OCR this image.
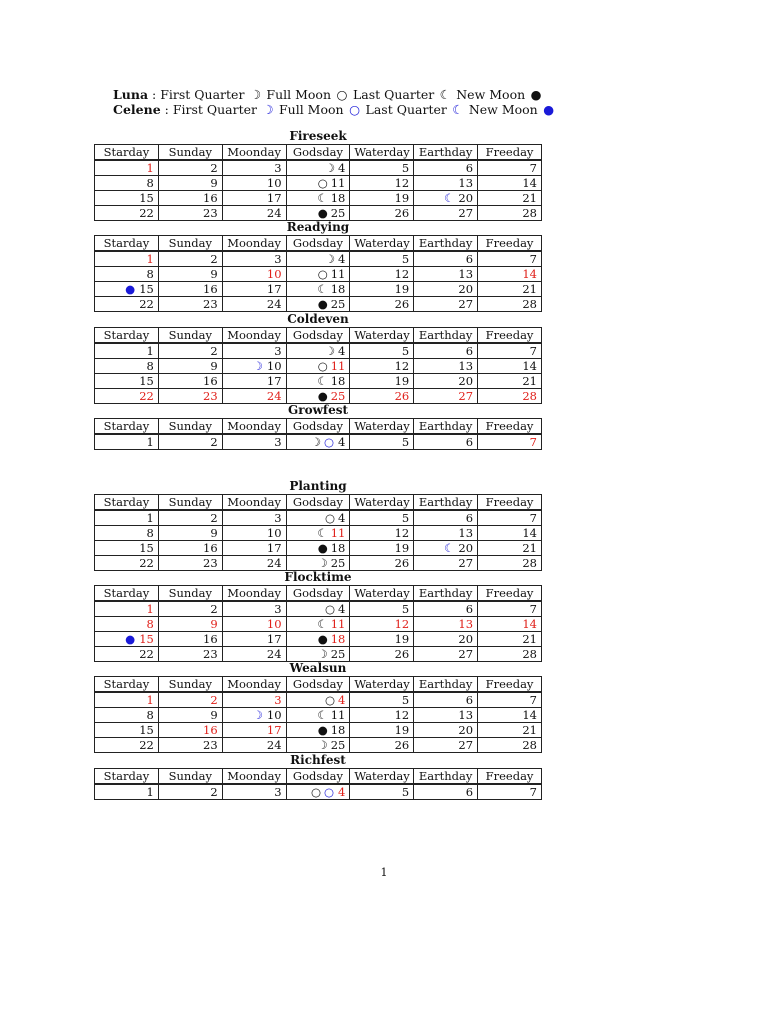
Luna : First Quarter ☽ Full Moon ○ Last Quarter ☾ New Moon ●
Celene : First Quarter ☽ Full Moon ○ Last Quarter ☾ New Moon ●
Fireseek
Starday	Sunday	Moonday	Godsday	Waterday	Earthday	Freeday
1	2	3	☽ 4	5	6	7
8	9	10	○ 11	12	13	14
15	16	17	☾ 18	19	☾ 20	21
22	23	24	● 25	26	27	28
Readying
Starday	Sunday	Moonday	Godsday	Waterday	Earthday	Freeday
1	2	3	☽ 4	5	6	7
8	9	10	○ 11	12	13	14
● 15	16	17	☾ 18	19	20	21
22	23	24	● 25	26	27	28
Coldeven
Starday	Sunday	Moonday	Godsday	Waterday	Earthday	Freeday
1	2	3	☽ 4	5	6	7
8	9	☽ 10	○ 11	12	13	14
15	16	17	☾ 18	19	20	21
22	23	24	● 25	26	27	28
Growfest
Starday	Sunday	Moonday	Godsday	Waterday	Earthday	Freeday
1	2	3	☽ ○ 4	5	6	7
Planting
Starday	Sunday	Moonday	Godsday	Waterday	Earthday	Freeday
1	2	3	○ 4	5	6	7
8	9	10	☾ 11	12	13	14
15	16	17	● 18	19	☾ 20	21
22	23	24	☽ 25	26	27	28
Flocktime
Starday	Sunday	Moonday	Godsday	Waterday	Earthday	Freeday
1	2	3	○ 4	5	6	7
8	9	10	☾ 11	12	13	14
● 15	16	17	● 18	19	20	21
22	23	24	☽ 25	26	27	28
Wealsun
Starday	Sunday	Moonday	Godsday	Waterday	Earthday	Freeday
1	2	3	○ 4	5	6	7
8	9	☽ 10	☾ 11	12	13	14
15	16	17	● 18	19	20	21
22	23	24	☽ 25	26	27	28
Richfest
Starday	Sunday	Moonday	Godsday	Waterday	Earthday	Freeday
1	2	3	○ ○ 4	5	6	7
1
